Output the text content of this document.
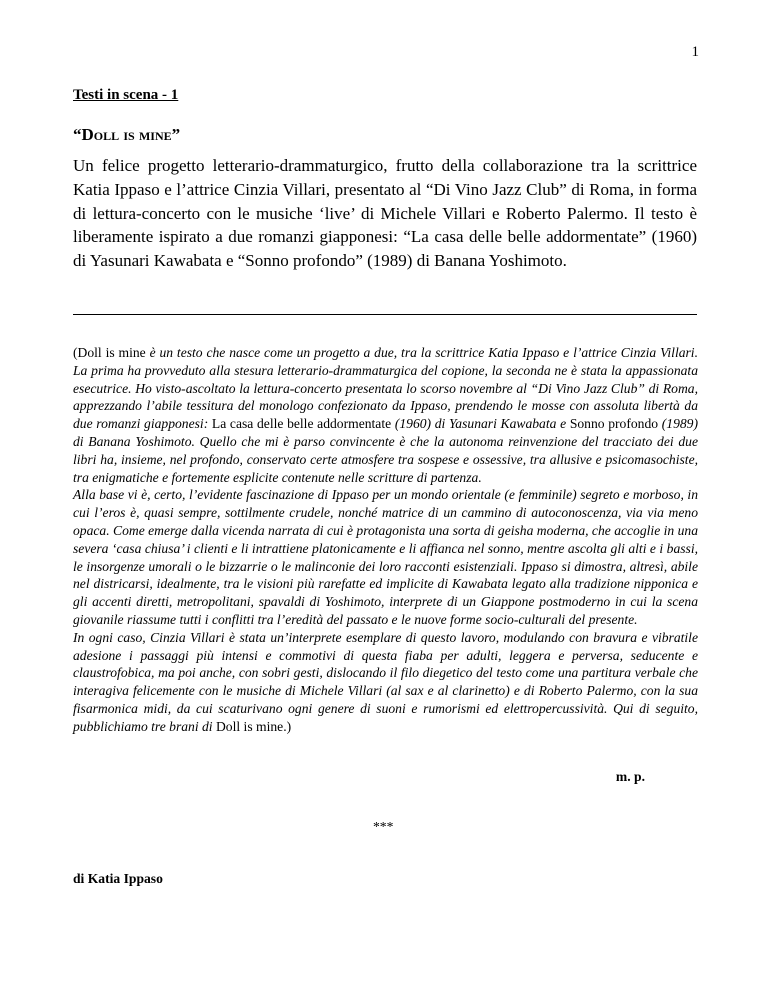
1
Testi in scena - 1
“Doll is mine”

Un felice progetto letterario-drammaturgico, frutto della collaborazione tra la scrittrice Katia Ippaso e l’attrice Cinzia Villari, presentato al “Di Vino Jazz Club” di Roma, in forma di lettura-concerto con le musiche ‘live’ di Michele Villari e Roberto Palermo. Il testo è liberamente ispirato a due romanzi giapponesi: “La casa delle belle addormentate” (1960) di Yasunari Kawabata e “Sonno profondo” (1989) di Banana Yoshimoto.

(Doll is mine è un testo che nasce come un progetto a due, tra la scrittrice Katia Ippaso e l’attrice Cinzia Villari. La prima ha provveduto alla stesura letterario-drammaturgica del copione, la seconda ne è stata la appassionata esecutrice. Ho visto-ascoltato la lettura-concerto presentata lo scorso novembre al “Di Vino Jazz Club” di Roma, apprezzando l’abile tessitura del monologo confezionato da Ippaso, prendendo le mosse con assoluta libertà da due romanzi giapponesi: La casa delle belle addormentate (1960) di Yasunari Kawabata e Sonno profondo (1989) di Banana Yoshimoto. Quello che mi è parso convincente è che la autonoma reinvenzione del tracciato dei due libri ha, insieme, nel profondo, conservato certe atmosfere tra sospese e ossessive, tra allusive e psicomasochiste, tra enigmatiche e fortemente esplicite contenute nelle scritture di partenza.

Alla base vi è, certo, l’evidente fascinazione di Ippaso per un mondo orientale (e femminile) segreto e morboso, in cui l’eros è, quasi sempre, sottilmente crudele, nonché matrice di un cammino di autoconoscenza, via via meno opaca. Come emerge dalla vicenda narrata di cui è protagonista una sorta di geisha moderna, che accoglie in una severa ‘casa chiusa’ i clienti e li intrattiene platonicamente e li affianca nel sonno, mentre ascolta gli alti e i bassi, le insorgenze umorali o le bizzarrie o le malinconie dei loro racconti esistenziali. Ippaso si dimostra, altresì, abile nel districarsi, idealmente, tra le visioni più rarefatte ed implicite di Kawabata legato alla tradizione nipponica e gli accenti diretti, metropolitani, spavaldi di Yoshimoto, interprete di un Giappone postmoderno in cui la scena giovanile riassume tutti i conflitti tra l’eredità del passato e le nuove forme socio-culturali del presente.

In ogni caso, Cinzia Villari è stata un’interprete esemplare di questo lavoro, modulando con bravura e vibratile adesione i passaggi più intensi e commotivi di questa fiaba per adulti, leggera e perversa, seducente e claustrofobica, ma poi anche, con sobri gesti, dislocando il filo diegetico del testo come una partitura verbale che interagiva felicemente con le musiche di Michele Villari (al sax e al clarinetto) e di Roberto Palermo, con la sua fisarmonica midi, da cui scaturivano ogni genere di suoni e rumorismi ed elettropercussività. Qui di seguito, pubblichiamo tre brani di Doll is mine.)

m. p.
***
di Katia Ippaso
